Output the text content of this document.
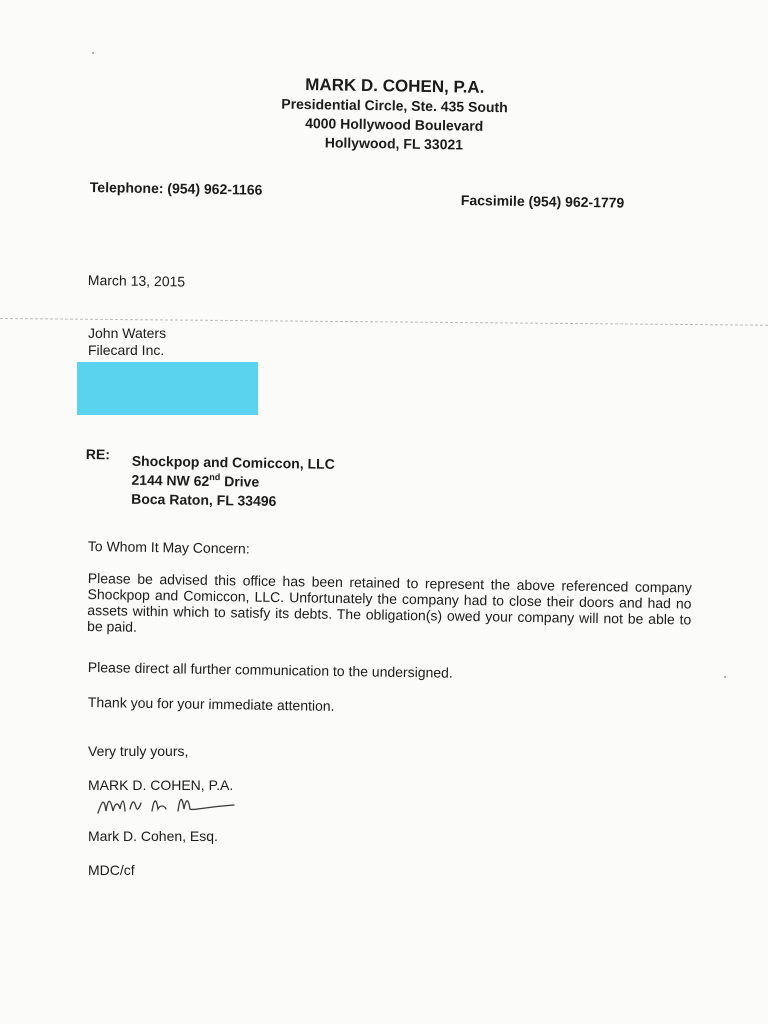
MARK D. COHEN, P.A.
Presidential Circle, Ste. 435 South
4000 Hollywood Boulevard
Hollywood, FL 33021
Telephone: (954) 962-1166
Facsimile (954) 962-1779
March 13, 2015
John Waters
Filecard Inc.
RE: Shockpop and Comiccon, LLC
2144 NW 62nd Drive
Boca Raton, FL 33496
To Whom It May Concern:
Please be advised this office has been retained to represent the above referenced company Shockpop and Comiccon, LLC. Unfortunately the company had to close their doors and had no assets within which to satisfy its debts. The obligation(s) owed your company will not be able to be paid.
Please direct all further communication to the undersigned.
Thank you for your immediate attention.
Very truly yours,
MARK D. COHEN, P.A.
Mark D. Cohen, Esq.
MDC/cf
